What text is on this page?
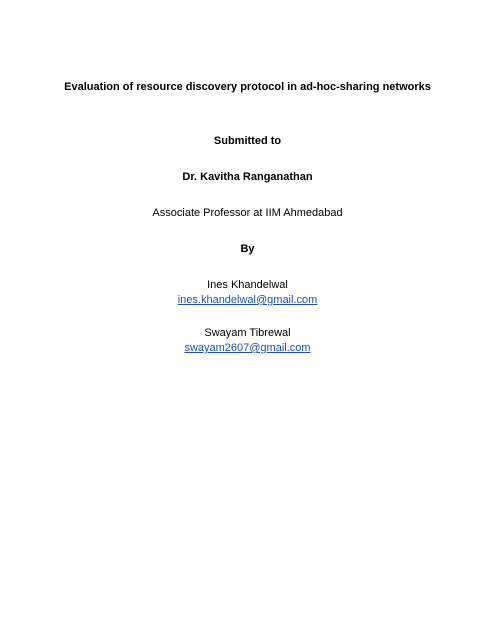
Evaluation of resource discovery protocol in ad-hoc-sharing networks
Submitted to
Dr. Kavitha Ranganathan
Associate Professor at IIM Ahmedabad
By
Ines Khandelwal
ines.khandelwal@gmail.com
Swayam Tibrewal
swayam2607@gmail.com
